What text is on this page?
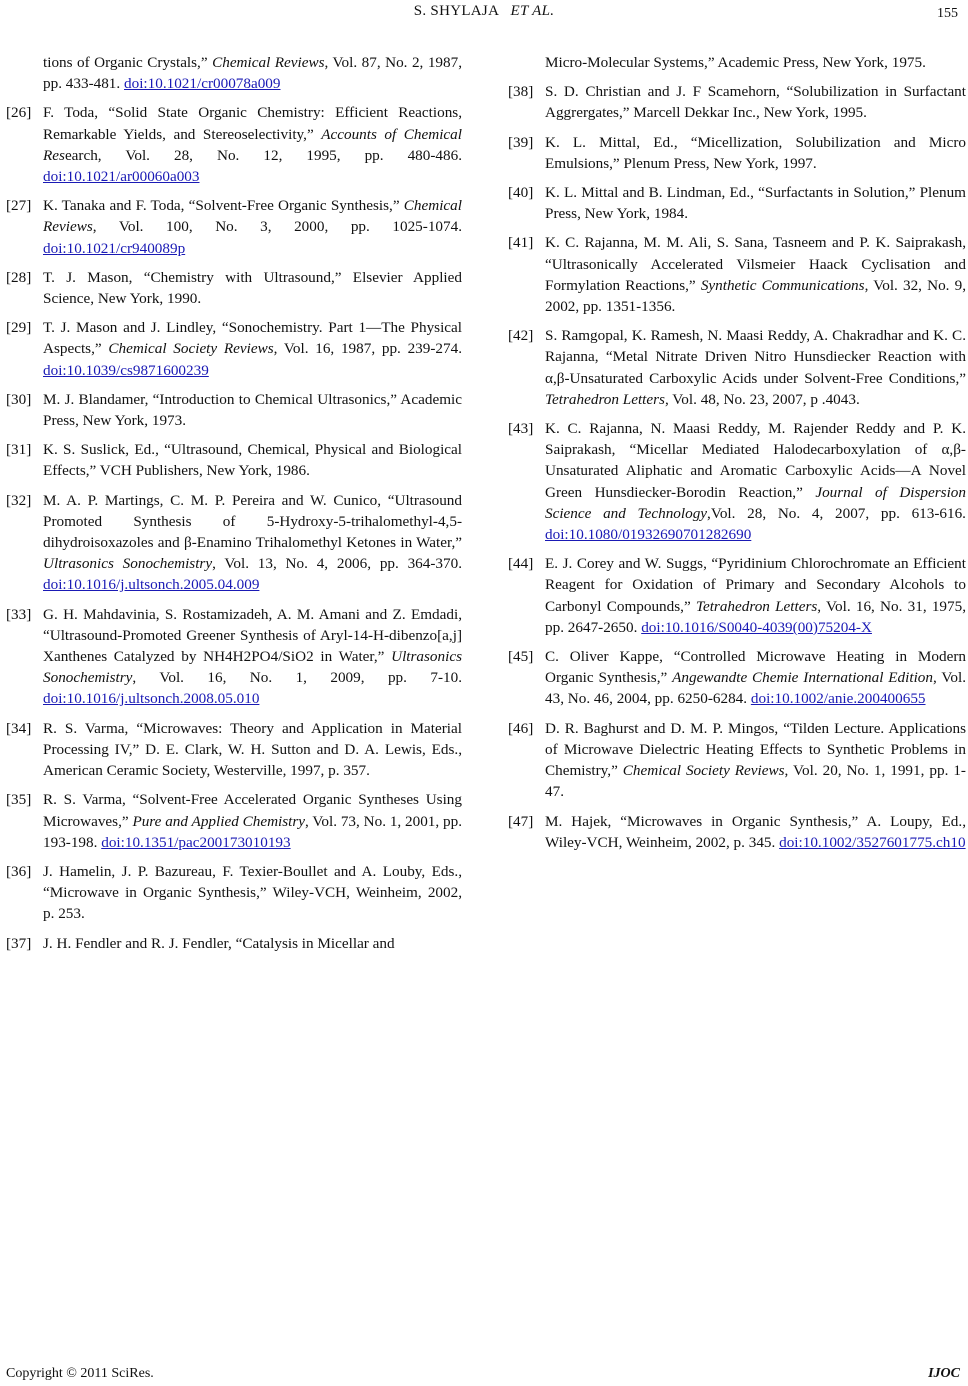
S. SHYLAJA ET AL.	155
tions of Organic Crystals,” Chemical Reviews, Vol. 87, No. 2, 1987, pp. 433-481. doi:10.1021/cr00078a009
[26] F. Toda, “Solid State Organic Chemistry: Efficient Reactions, Remarkable Yields, and Stereoselectivity,” Accounts of Chemical Research, Vol. 28, No. 12, 1995, pp. 480-486. doi:10.1021/ar00060a003
[27] K. Tanaka and F. Toda, “Solvent-Free Organic Synthesis,” Chemical Reviews, Vol. 100, No. 3, 2000, pp. 1025-1074. doi:10.1021/cr940089p
[28] T. J. Mason, “Chemistry with Ultrasound,” Elsevier Applied Science, New York, 1990.
[29] T. J. Mason and J. Lindley, “Sonochemistry. Part 1—The Physical Aspects,” Chemical Society Reviews, Vol. 16, 1987, pp. 239-274. doi:10.1039/cs9871600239
[30] M. J. Blandamer, “Introduction to Chemical Ultrasonics,” Academic Press, New York, 1973.
[31] K. S. Suslick, Ed., “Ultrasound, Chemical, Physical and Biological Effects,” VCH Publishers, New York, 1986.
[32] M. A. P. Martings, C. M. P. Pereira and W. Cunico, “Ultrasound Promoted Synthesis of 5-Hydroxy-5-trihalomethyl-4,5-dihydroisoxazoles and β-Enamino Trihalomethyl Ketones in Water,” Ultrasonics Sonochemistry, Vol. 13, No. 4, 2006, pp. 364-370. doi:10.1016/j.ultsonch.2005.04.009
[33] G. H. Mahdavinia, S. Rostamizadeh, A. M. Amani and Z. Emdadi, “Ultrasound-Promoted Greener Synthesis of Aryl-14-H-dibenzo[a,j] Xanthenes Catalyzed by NH4H2PO4/SiO2 in Water,” Ultrasonics Sonochemistry, Vol. 16, No. 1, 2009, pp. 7-10. doi:10.1016/j.ultsonch.2008.05.010
[34] R. S. Varma, “Microwaves: Theory and Application in Material Processing IV,” D. E. Clark, W. H. Sutton and D. A. Lewis, Eds., American Ceramic Society, Westerville, 1997, p. 357.
[35] R. S. Varma, “Solvent-Free Accelerated Organic Syntheses Using Microwaves,” Pure and Applied Chemistry, Vol. 73, No. 1, 2001, pp. 193-198. doi:10.1351/pac200173010193
[36] J. Hamelin, J. P. Bazureau, F. Texier-Boullet and A. Louby, Eds., “Microwave in Organic Synthesis,” Wiley-VCH, Weinheim, 2002, p. 253.
[37] J. H. Fendler and R. J. Fendler, “Catalysis in Micellar and
Micro-Molecular Systems,” Academic Press, New York, 1975.
[38] S. D. Christian and J. F Scamehorn, “Solubilization in Surfactant Aggrergates,” Marcell Dekkar Inc., New York, 1995.
[39] K. L. Mittal, Ed., “Micellization, Solubilization and Micro Emulsions,” Plenum Press, New York, 1997.
[40] K. L. Mittal and B. Lindman, Ed., “Surfactants in Solution,” Plenum Press, New York, 1984.
[41] K. C. Rajanna, M. M. Ali, S. Sana, Tasneem and P. K. Saiprakash, “Ultrasonically Accelerated Vilsmeier Haack Cyclisation and Formylation Reactions,” Synthetic Communications, Vol. 32, No. 9, 2002, pp. 1351-1356.
[42] S. Ramgopal, K. Ramesh, N. Maasi Reddy, A. Chakradhar and K. C. Rajanna, “Metal Nitrate Driven Nitro Hunsdiecker Reaction with α,β-Unsaturated Carboxylic Acids under Solvent-Free Conditions,” Tetrahedron Letters, Vol. 48, No. 23, 2007, p .4043.
[43] K. C. Rajanna, N. Maasi Reddy, M. Rajender Reddy and P. K. Saiprakash, “Micellar Mediated Halodecarboxylation of α,β-Unsaturated Aliphatic and Aromatic Carboxylic Acids—A Novel Green Hunsdiecker-Borodin Reaction,” Journal of Dispersion Science and Technology,Vol. 28, No. 4, 2007, pp. 613-616. doi:10.1080/01932690701282690
[44] E. J. Corey and W. Suggs, “Pyridinium Chlorochromate an Efficient Reagent for Oxidation of Primary and Secondary Alcohols to Carbonyl Compounds,” Tetrahedron Letters, Vol. 16, No. 31, 1975, pp. 2647-2650. doi:10.1016/S0040-4039(00)75204-X
[45] C. Oliver Kappe, “Controlled Microwave Heating in Modern Organic Synthesis,” Angewandte Chemie International Edition, Vol. 43, No. 46, 2004, pp. 6250-6284. doi:10.1002/anie.200400655
[46] D. R. Baghurst and D. M. P. Mingos, “Tilden Lecture. Applications of Microwave Dielectric Heating Effects to Synthetic Problems in Chemistry,” Chemical Society Reviews, Vol. 20, No. 1, 1991, pp. 1-47.
[47] M. Hajek, “Microwaves in Organic Synthesis,” A. Loupy, Ed., Wiley-VCH, Weinheim, 2002, p. 345. doi:10.1002/3527601775.ch10
Copyright © 2011 SciRes.	IJOC
